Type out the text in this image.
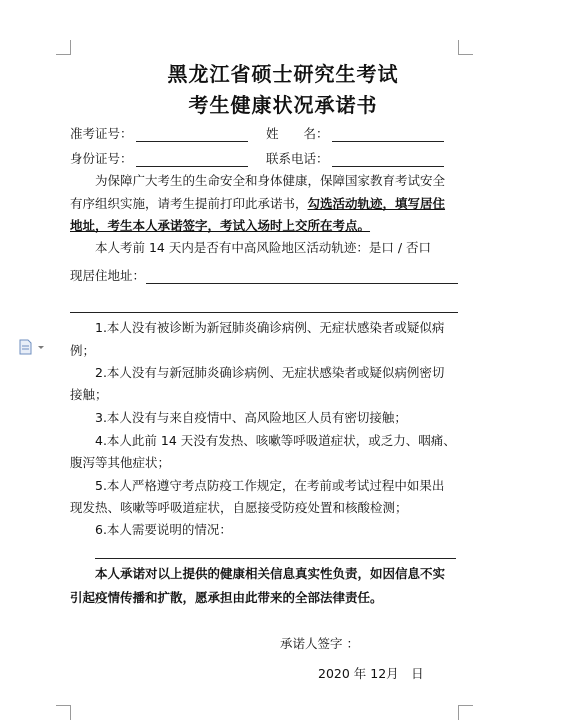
黑龙江省硕士研究生考试
考生健康状况承诺书
准考证号：	姓　　名：
身份证号：	联系电话：
为保障广大考生的生命安全和身体健康，保障国家教育考试安全
有序组织实施，请考生提前打印此承诺书，勾选活动轨迹，填写居住
地址，考生本人承诺签字，考试入场时上交所在考点。
本人考前 14 天内是否有中高风险地区活动轨迹：是口 / 否口
现居住地址：
1.本人没有被诊断为新冠肺炎确诊病例、无症状感染者或疑似病
例；
2.本人没有与新冠肺炎确诊病例、无症状感染者或疑似病例密切
接触；
3.本人没有与来自疫情中、高风险地区人员有密切接触；
4.本人此前 14 天没有发热、咳嗽等呼吸道症状，或乏力、咽痛、
腹泻等其他症状；
5.本人严格遵守考点防疫工作规定，在考前或考试过程中如果出
现发热、咳嗽等呼吸道症状，自愿接受防疫处置和核酸检测；
6.本人需要说明的情况：
本人承诺对以上提供的健康相关信息真实性负责，如因信息不实
引起疫情传播和扩散，愿承担由此带来的全部法律责任。
承诺人签字 ：
2020 年 12月　日
